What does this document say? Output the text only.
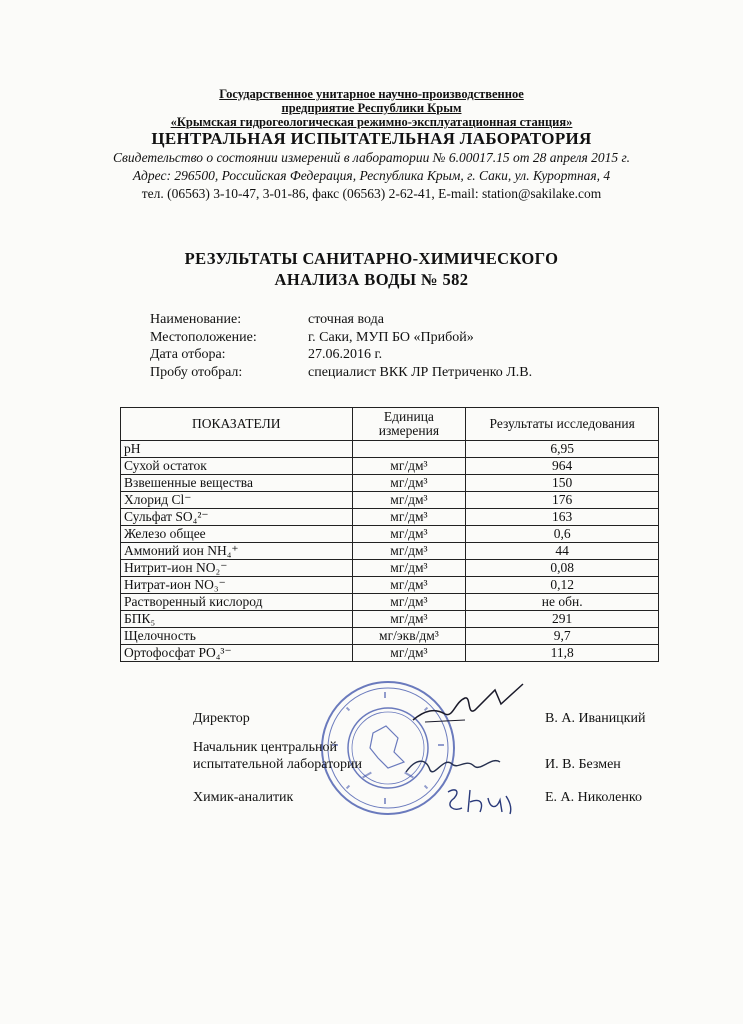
Государственное унитарное научно-производственное
предприятие Республики Крым
«Крымская гидрогеологическая режимно-эксплуатационная станция»
ЦЕНТРАЛЬНАЯ ИСПЫТАТЕЛЬНАЯ ЛАБОРАТОРИЯ
Свидетельство о состоянии измерений в лаборатории № 6.00017.15 от 28 апреля 2015 г.
Адрес: 296500, Российская Федерация, Республика Крым, г. Саки, ул. Курортная, 4
тел. (06563) 3-10-47, 3-01-86, факс (06563) 2-62-41, E-mail: station@sakilake.com
РЕЗУЛЬТАТЫ САНИТАРНО-ХИМИЧЕСКОГО
АНАЛИЗА ВОДЫ № 582
Наименование:	сточная вода
Местоположение:	г. Саки, МУП БО «Прибой»
Дата отбора:	27.06.2016 г.
Пробу отобрал:	специалист ВКК ЛР Петриченко Л.В.
ПОКАЗАТЕЛИ	Единица измерения	Результаты исследования
pH		6,95
Сухой остаток	мг/дм³	964
Взвешенные вещества	мг/дм³	150
Хлорид Cl⁻	мг/дм³	176
Сульфат SO₄²⁻	мг/дм³	163
Железо общее	мг/дм³	0,6
Аммоний ион NH₄⁺	мг/дм³	44
Нитрит-ион NO₂⁻	мг/дм³	0,08
Нитрат-ион NO₃⁻	мг/дм³	0,12
Растворенный кислород	мг/дм³	не обн.
БПК₅	мг/дм³	291
Щелочность	мг/экв/дм³	9,7
Ортофосфат PO₄³⁻	мг/дм³	11,8
Директор	В. А. Иваницкий
Начальник центральной
испытательной лаборатории	И. В. Безмен
Химик-аналитик	Е. А. Николенко
